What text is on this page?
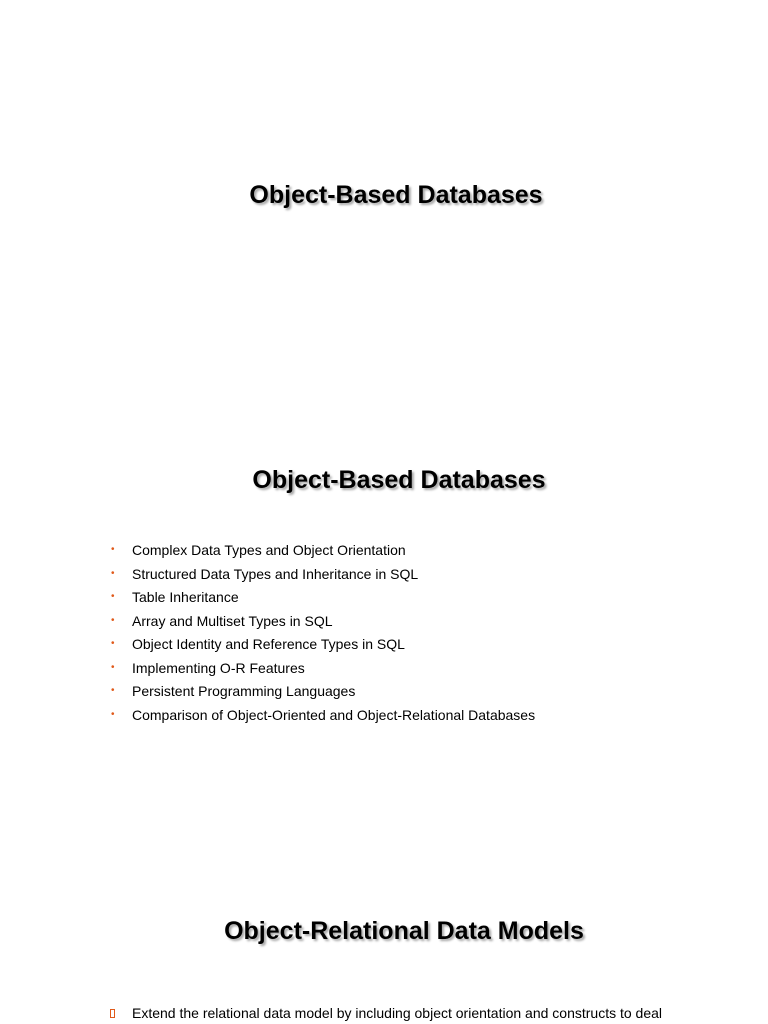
Object-Based Databases
Object-Based Databases
• Complex Data Types and Object Orientation
• Structured Data Types and Inheritance in SQL
• Table Inheritance
• Array and Multiset Types in SQL
• Object Identity and Reference Types in SQL
• Implementing O-R Features
• Persistent Programming Languages
• Comparison of Object-Oriented and Object-Relational Databases
Object-Relational Data Models
Extend the relational data model by including object orientation and constructs to deal
